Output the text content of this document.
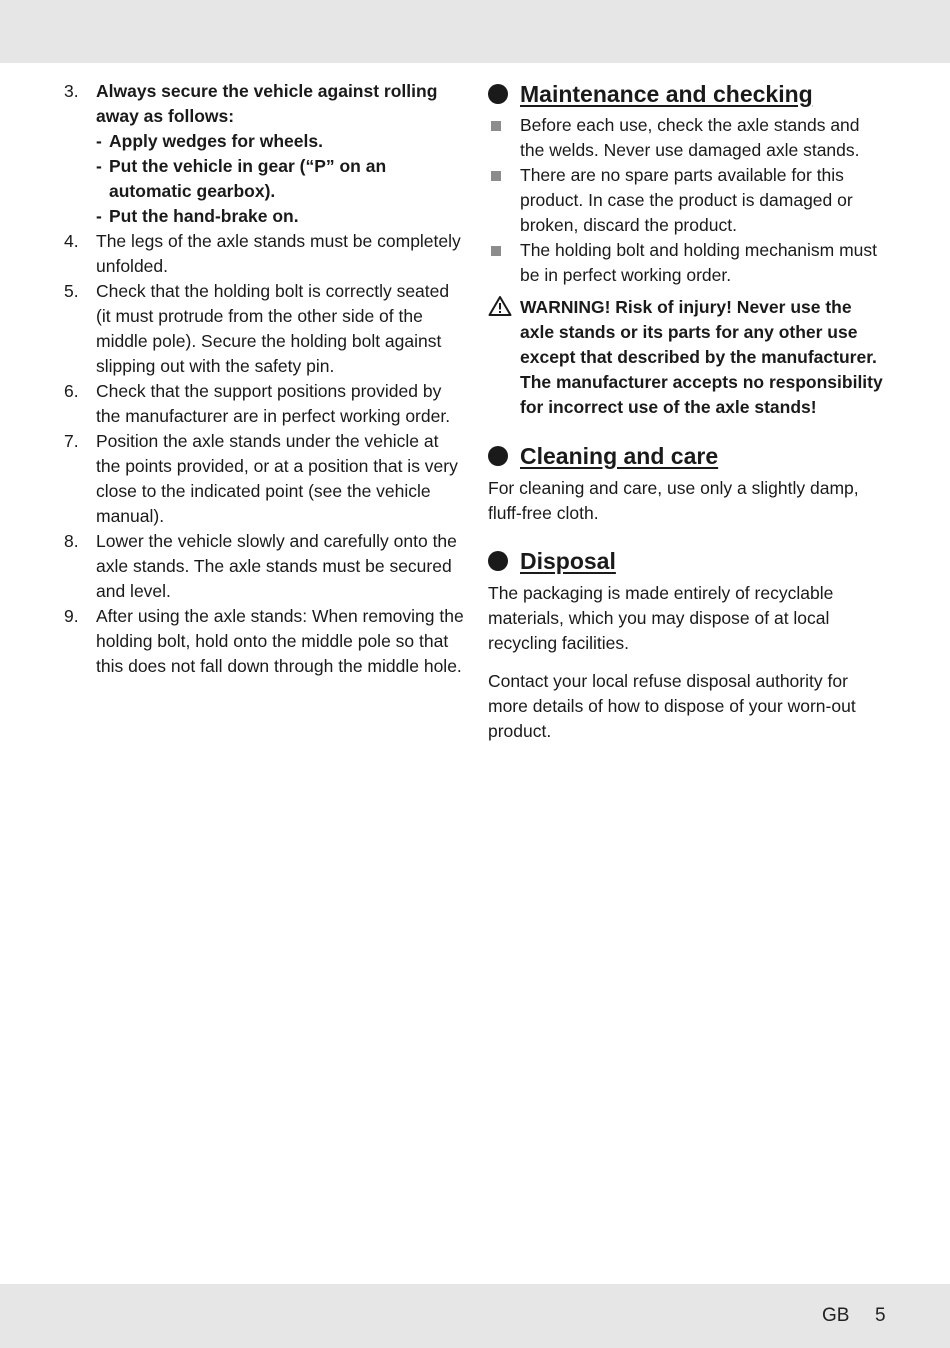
3. Always secure the vehicle against rolling away as follows:
- Apply wedges for wheels.
- Put the vehicle in gear (“P” on an automatic gearbox).
- Put the hand-brake on.
4. The legs of the axle stands must be completely unfolded.
5. Check that the holding bolt is correctly seated (it must protrude from the other side of the middle pole). Secure the holding bolt against slipping out with the safety pin.
6. Check that the support positions provided by the manufacturer are in perfect working order.
7. Position the axle stands under the vehicle at the points provided, or at a position that is very close to the indicated point (see the vehicle manual).
8. Lower the vehicle slowly and carefully onto the axle stands. The axle stands must be secured and level.
9. After using the axle stands: When removing the holding bolt, hold onto the middle pole so that this does not fall down through the middle hole.
Maintenance and checking
Before each use, check the axle stands and the welds. Never use damaged axle stands.
There are no spare parts available for this product. In case the product is damaged or broken, discard the product.
The holding bolt and holding mechanism must be in perfect working order.
WARNING! Risk of injury! Never use the axle stands or its parts for any other use except that described by the manufacturer. The manufacturer accepts no responsibility for incorrect use of the axle stands!
Cleaning and care
For cleaning and care, use only a slightly damp, fluff-free cloth.
Disposal
The packaging is made entirely of recyclable materials, which you may dispose of at local recycling facilities.
Contact your local refuse disposal authority for more details of how to dispose of your worn-out product.
GB 5
